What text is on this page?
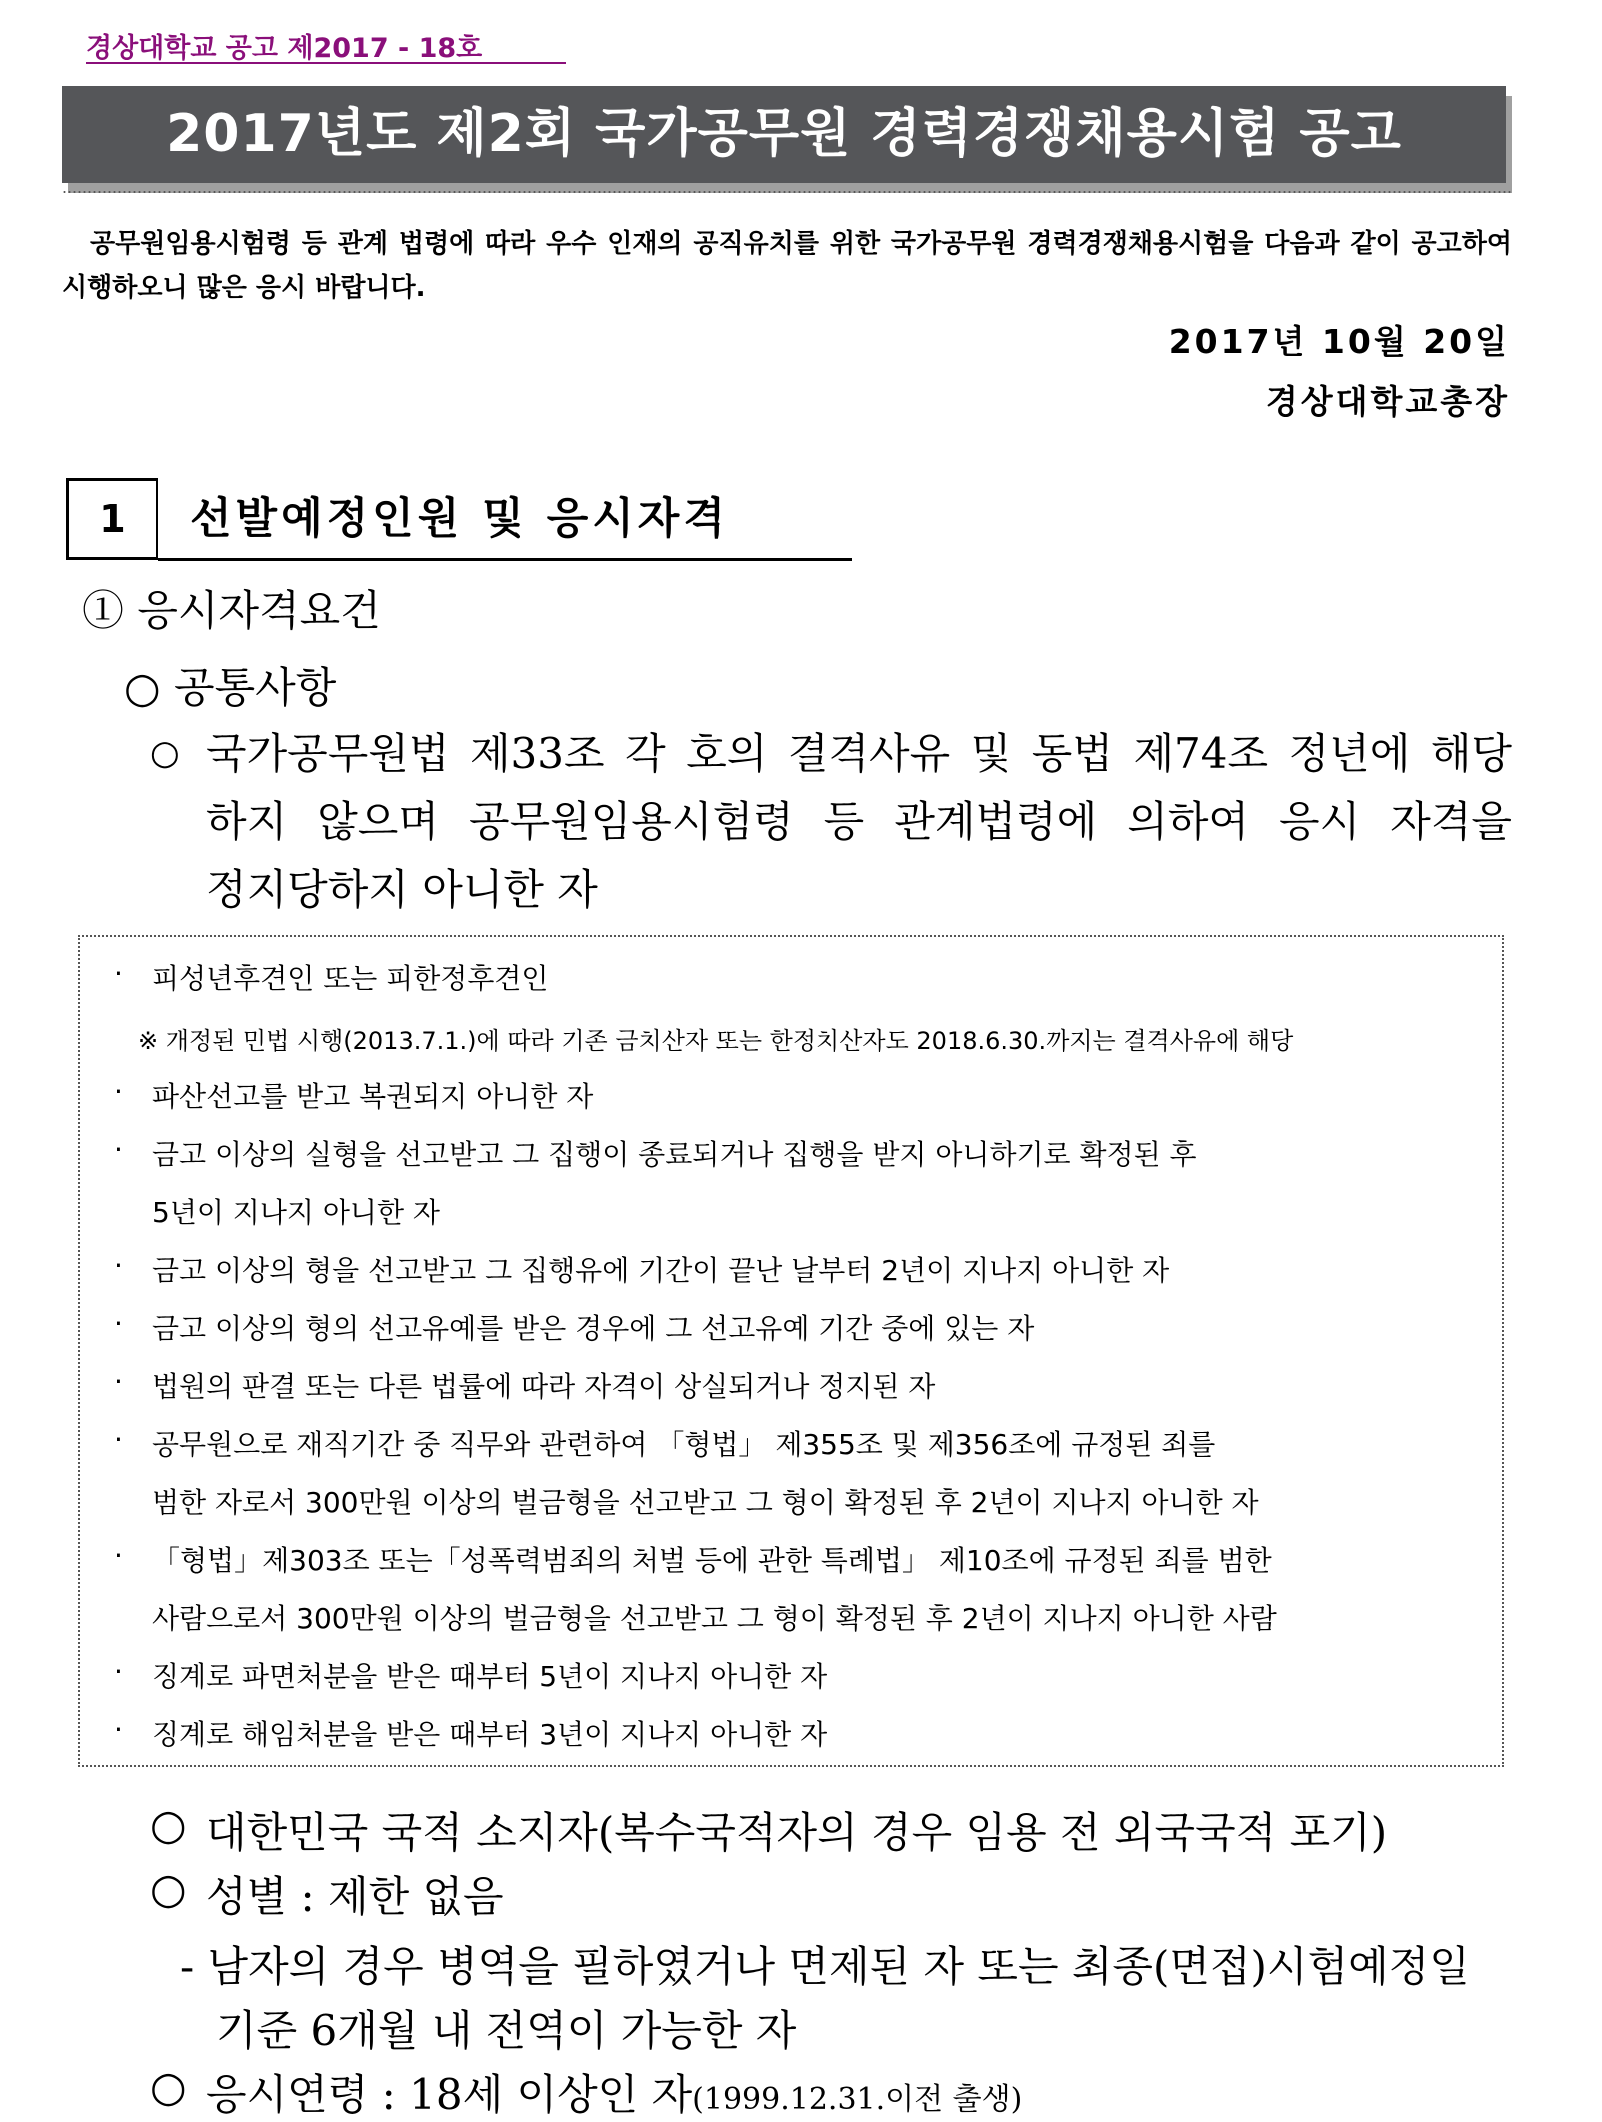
경상대학교 공고 제2017 - 18호
2017년도 제2회 국가공무원 경력경쟁채용시험 공고
공무원임용시험령 등 관계 법령에 따라 우수 인재의 공직유치를 위한 국가공무원 경력경쟁채용시험을 다음과 같이 공고하여 시행하오니 많은 응시 바랍니다.
2017년 10월 20일
경상대학교총장
1	선발예정인원 및 응시자격
① 응시자격요건
○ 공통사항
○ 국가공무원법 제33조 각 호의 결격사유 및 동법 제74조 정년에 해당
하지 않으며 공무원임용시험령 등 관계법령에 의하여 응시 자격을
정지당하지 아니한 자
· 피성년후견인 또는 피한정후견인
※ 개정된 민법 시행(2013.7.1.)에 따라 기존 금치산자 또는 한정치산자도 2018.6.30.까지는 결격사유에 해당
· 파산선고를 받고 복권되지 아니한 자
· 금고 이상의 실형을 선고받고 그 집행이 종료되거나 집행을 받지 아니하기로 확정된 후
5년이 지나지 아니한 자
· 금고 이상의 형을 선고받고 그 집행유에 기간이 끝난 날부터 2년이 지나지 아니한 자
· 금고 이상의 형의 선고유예를 받은 경우에 그 선고유예 기간 중에 있는 자
· 법원의 판결 또는 다른 법률에 따라 자격이 상실되거나 정지된 자
· 공무원으로 재직기간 중 직무와 관련하여 「형법」 제355조 및 제356조에 규정된 죄를
범한 자로서 300만원 이상의 벌금형을 선고받고 그 형이 확정된 후 2년이 지나지 아니한 자
· 「형법」제303조 또는「성폭력범죄의 처벌 등에 관한 특례법」 제10조에 규정된 죄를 범한
사람으로서 300만원 이상의 벌금형을 선고받고 그 형이 확정된 후 2년이 지나지 아니한 사람
· 징계로 파면처분을 받은 때부터 5년이 지나지 아니한 자
· 징계로 해임처분을 받은 때부터 3년이 지나지 아니한 자
○ 대한민국 국적 소지자(복수국적자의 경우 임용 전 외국국적 포기)
○ 성별 : 제한 없음
- 남자의 경우 병역을 필하였거나 면제된 자 또는 최종(면접)시험예정일
기준 6개월 내 전역이 가능한 자
○ 응시연령 : 18세 이상인 자(1999.12.31.이전 출생)
